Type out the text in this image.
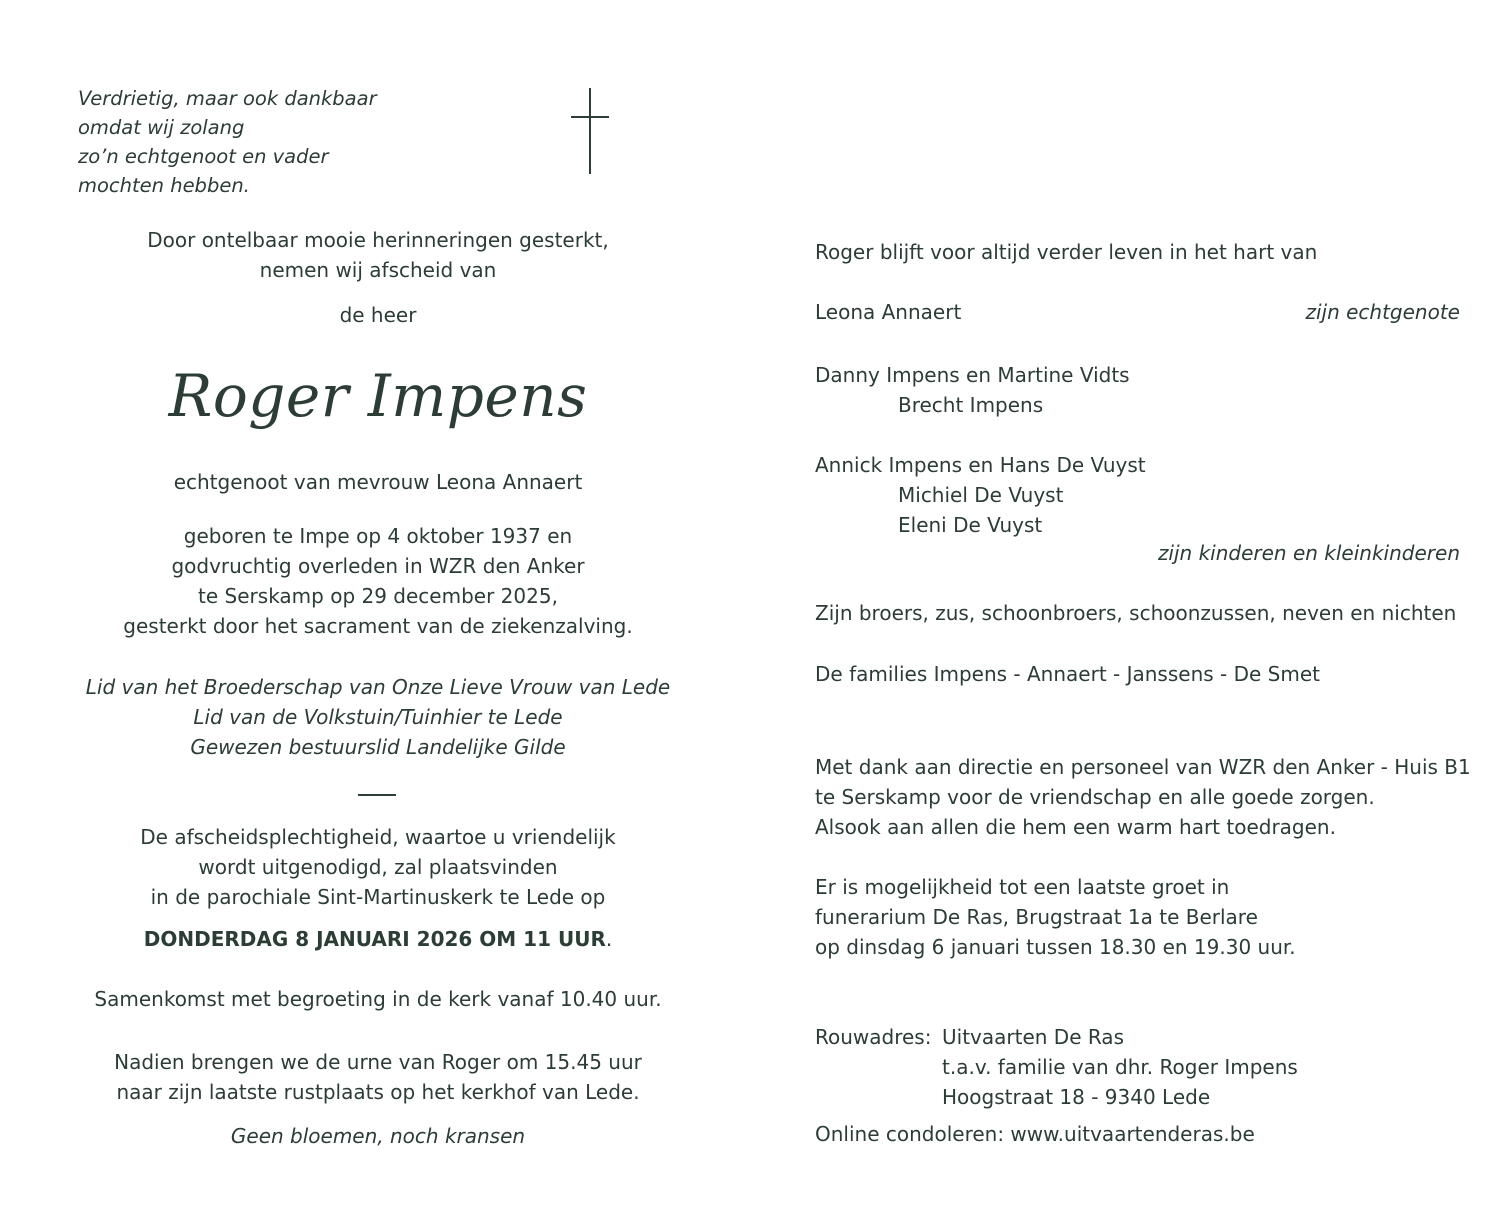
Verdrietig, maar ook dankbaar
omdat wij zolang
zo’n echtgenoot en vader
mochten hebben.
Door ontelbaar mooie herinneringen gesterkt,
nemen wij afscheid van
de heer
Roger Impens
echtgenoot van mevrouw Leona Annaert
geboren te Impe op 4 oktober 1937 en
godvruchtig overleden in WZR den Anker
te Serskamp op 29 december 2025,
gesterkt door het sacrament van de ziekenzalving.
Lid van het Broederschap van Onze Lieve Vrouw van Lede
Lid van de Volkstuin/Tuinhier te Lede
Gewezen bestuurslid Landelijke Gilde
De afscheidsplechtigheid, waartoe u vriendelijk
wordt uitgenodigd, zal plaatsvinden
in de parochiale Sint-Martinuskerk te Lede op
DONDERDAG 8 JANUARI 2026 OM 11 UUR.
Samenkomst met begroeting in de kerk vanaf 10.40 uur.
Nadien brengen we de urne van Roger om 15.45 uur
naar zijn laatste rustplaats op het kerkhof van Lede.
Geen bloemen, noch kransen
Roger blijft voor altijd verder leven in het hart van
Leona Annaert	zijn echtgenote
Danny Impens en Martine Vidts
Brecht Impens
Annick Impens en Hans De Vuyst
Michiel De Vuyst
Eleni De Vuyst
zijn kinderen en kleinkinderen
Zijn broers, zus, schoonbroers, schoonzussen, neven en nichten
De families Impens - Annaert - Janssens - De Smet
Met dank aan directie en personeel van WZR den Anker - Huis B1
te Serskamp voor de vriendschap en alle goede zorgen.
Alsook aan allen die hem een warm hart toedragen.
Er is mogelijkheid tot een laatste groet in
funerarium De Ras, Brugstraat 1a te Berlare
op dinsdag 6 januari tussen 18.30 en 19.30 uur.
Rouwadres: Uitvaarten De Ras
t.a.v. familie van dhr. Roger Impens
Hoogstraat 18 - 9340 Lede
Online condoleren: www.uitvaartenderas.be
